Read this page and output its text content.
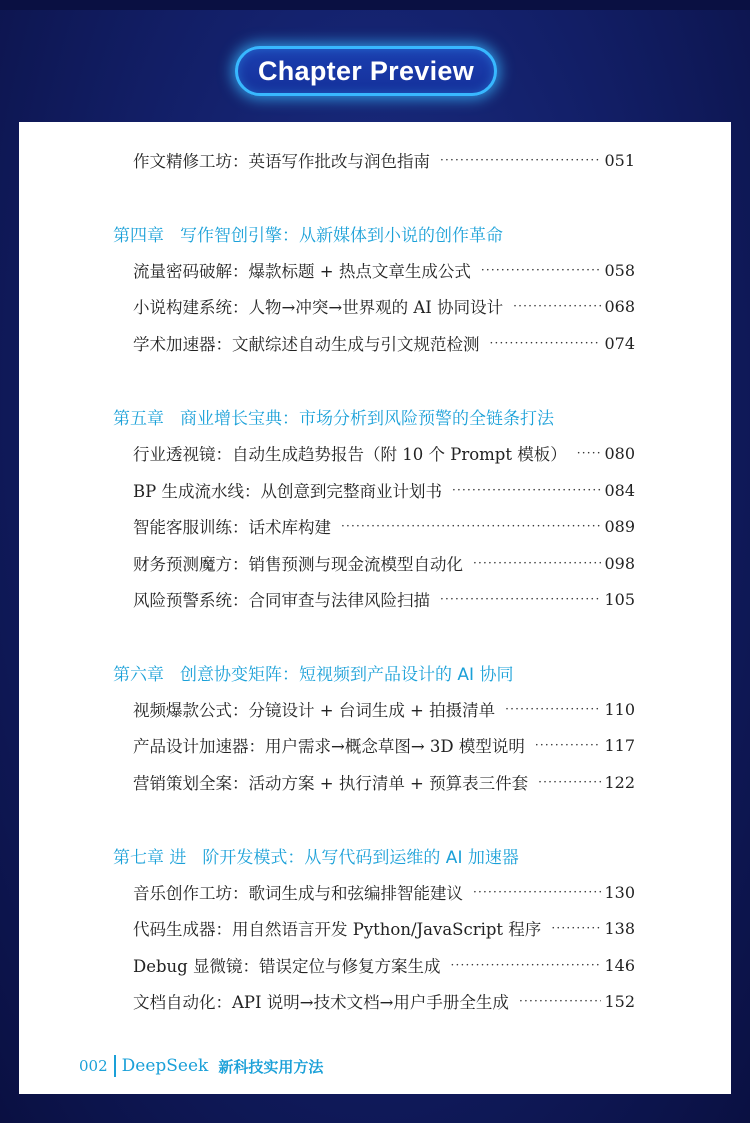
Chapter Preview
作文精修工坊：英语写作批改与润色指南 ·····	051
第四章 写作智创引擎：从新媒体到小说的创作革命
流量密码破解：爆款标题 + 热点文章生成公式 ·····	058
小说构建系统：人物→冲突→世界观的 AI 协同设计 ·····	068
学术加速器：文献综述自动生成与引文规范检测 ·····	074
第五章 商业增长宝典：市场分析到风险预警的全链条打法
行业透视镜：自动生成趋势报告（附 10 个 Prompt 模板） ····· 080
BP 生成流水线：从创意到完整商业计划书 ·····	084
智能客服训练：话术库构建 ·····	089
财务预测魔方：销售预测与现金流模型自动化 ·····	098
风险预警系统：合同审查与法律风险扫描 ·····	105
第六章 创意协变矩阵：短视频到产品设计的 AI 协同
视频爆款公式：分镜设计 + 台词生成 + 拍摄清单 ·····	110
产品设计加速器：用户需求→概念草图→ 3D 模型说明 ·····	117
营销策划全案：活动方案 + 执行清单 + 预算表三件套 ·····	122
第七章 进 阶开发模式：从写代码到运维的 AI 加速器
音乐创作工坊：歌词生成与和弦编排智能建议 ·····	130
代码生成器：用自然语言开发 Python/JavaScript 程序 ·····	138
Debug 显微镜：错误定位与修复方案生成 ·····	146
文档自动化：API 说明→技术文档→用户手册全生成 ·····	152
002 DeepSeek 新科技实用方法
